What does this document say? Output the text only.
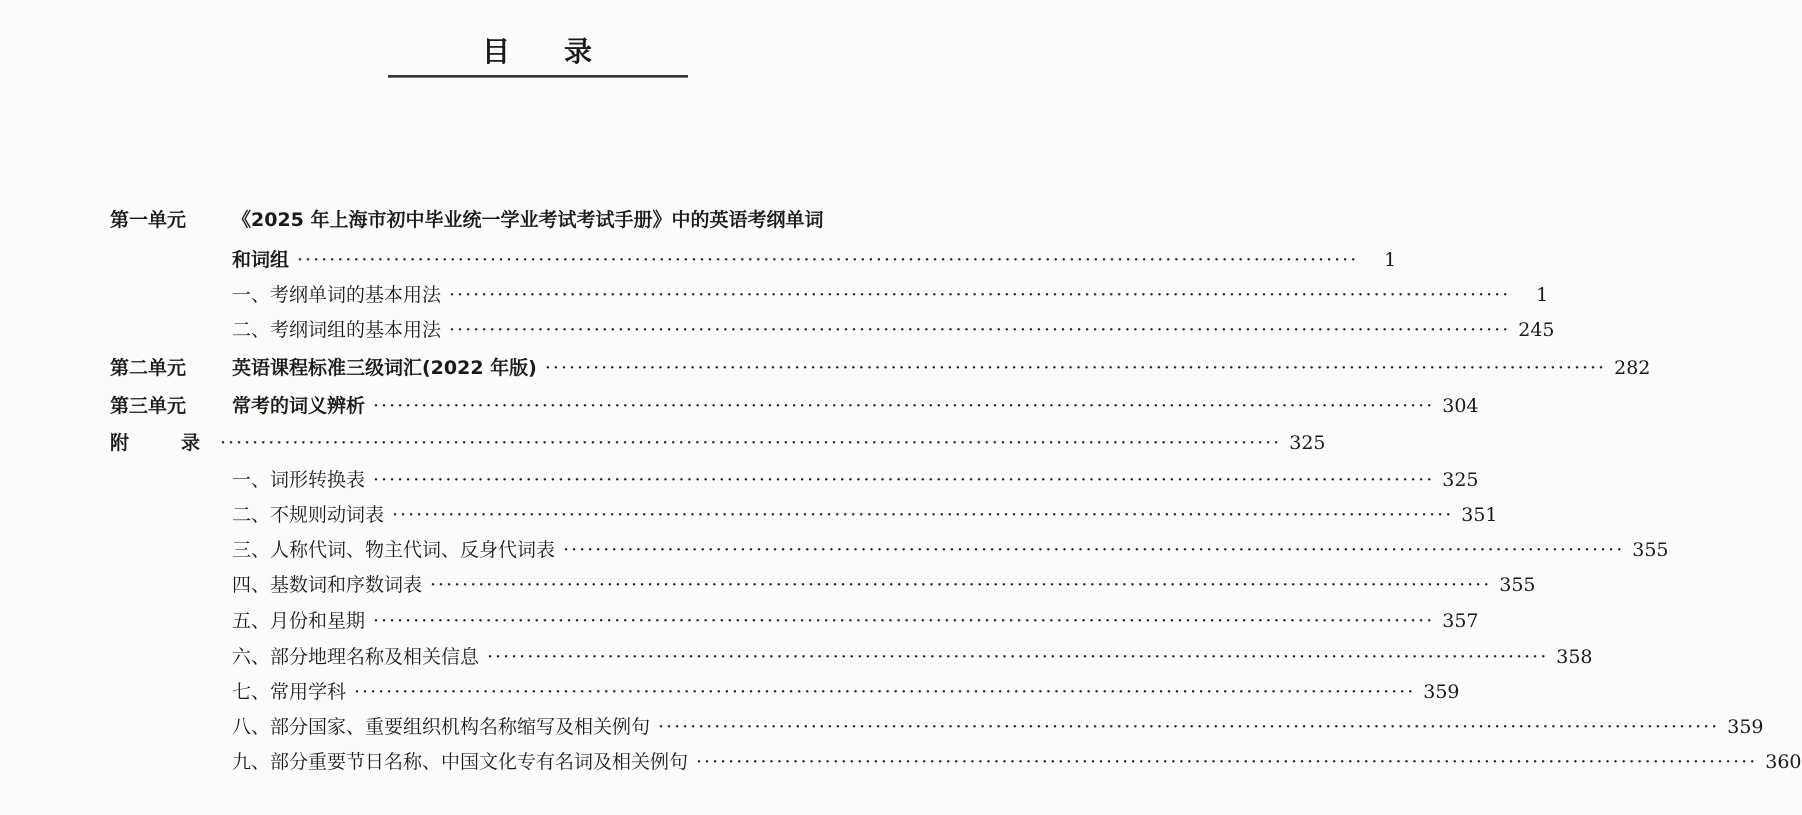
目 录
第一单元 《2025 年上海市初中毕业统一学业考试考试手册》中的英语考纲单词
和词组 ····································································································································	1
一、考纲单词的基本用法 ····································································································································	1
二、考纲词组的基本用法 ···································································································································· 245
第二单元 英语课程标准三级词汇(2022 年版) ···································································································································· 282
第三单元 常考的词义辨析 ···································································································································· 304
附录
···································································································································· 325
一、词形转换表 ···································································································································· 325
二、不规则动词表 ···································································································································· 351
三、人称代词、物主代词、反身代词表 ···································································································································· 355
四、基数词和序数词表 ···································································································································· 355
五、月份和星期 ···································································································································· 357
六、部分地理名称及相关信息 ···································································································································· 358
七、常用学科 ···································································································································· 359
八、部分国家、重要组织机构名称缩写及相关例句 ···································································································································· 359
九、部分重要节日名称、中国文化专有名词及相关例句 ···································································································································· 360
